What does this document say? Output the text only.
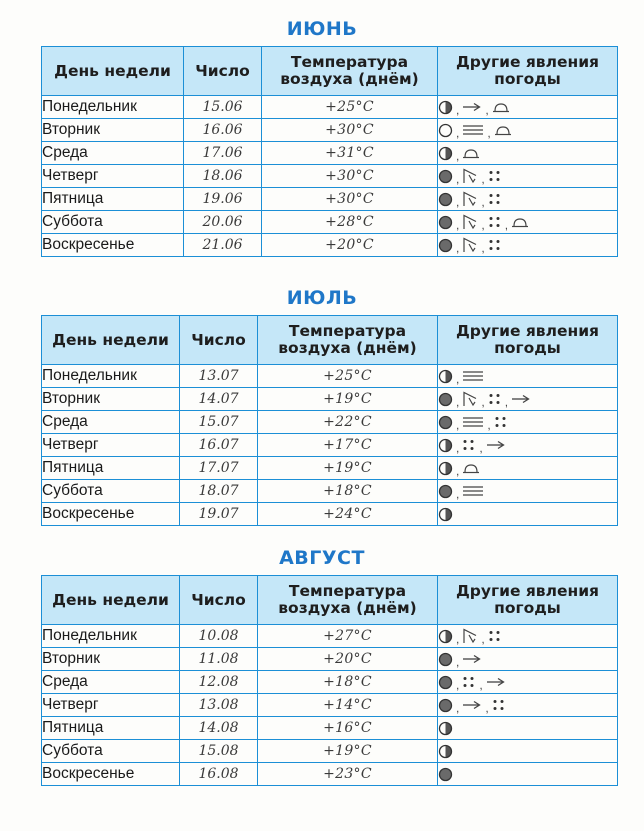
ИЮНЬ
День недели	Число	Температура воздуха (днём)	Другие явления погоды
Понедельник	15.06	+25°C	, ,

Вторник	16.06	+30°C	, ,

Среда	17.06	+31°C	,

Четверг	18.06	+30°C	, ,

Пятница	19.06	+30°C	, ,

Суббота	20.06	+28°C	, , ,

Воскресенье	21.06	+20°C	, ,
ИЮЛЬ
День недели	Число	Температура воздуха (днём)	Другие явления погоды
Понедельник	13.07	+25°C	,

Вторник	14.07	+19°C	, , ,

Среда	15.07	+22°C	, ,

Четверг	16.07	+17°C	, ,

Пятница	17.07	+19°C	,

Суббота	18.07	+18°C	,

Воскресенье	19.07	+24°C	
АВГУСТ
День недели	Число	Температура воздуха (днём)	Другие явления погоды
Понедельник	10.08	+27°C	, ,

Вторник	11.08	+20°C	,

Среда	12.08	+18°C	, ,

Четверг	13.08	+14°C	, ,

Пятница	14.08	+16°C	

Суббота	15.08	+19°C	

Воскресенье	16.08	+23°C	
